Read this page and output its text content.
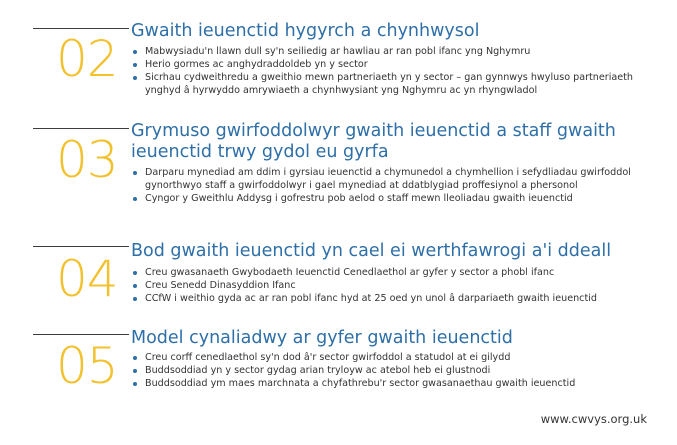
02 Gwaith ieuenctid hygyrch a chynhwysol
Mabwysiadu'n llawn dull sy'n seiliedig ar hawliau ar ran pobl ifanc yng Nghymru
Herio gormes ac anghydraddoldeb yn y sector
Sicrhau cydweithredu a gweithio mewn partneriaeth yn y sector – gan gynnwys hwyluso partneriaeth ynghyd â hyrwyddo amrywiaeth a chynhwysiant yng Nghymru ac yn rhyngwladol
03 Grymuso gwirfoddolwyr gwaith ieuenctid a staff gwaith ieuenctid trwy gydol eu gyrfa
Darparu mynediad am ddim i gyrsiau ieuenctid a chymunedol a chymhellion i sefydliadau gwirfoddol gynorthwyo staff a gwirfoddolwyr i gael mynediad at ddatblygiad proffesiynol a phersonol
Cyngor y Gweithlu Addysg i gofrestru pob aelod o staff mewn lleoliadau gwaith ieuenctid
04 Bod gwaith ieuenctid yn cael ei werthfawrogi a'i ddeall
Creu gwasanaeth Gwybodaeth Ieuenctid Cenedlaethol ar gyfer y sector a phobl ifanc
Creu Senedd Dinasyddion Ifanc
CCfW i weithio gyda ac ar ran pobl ifanc hyd at 25 oed yn unol â darpariaeth gwaith ieuenctid
05 Model cynaliadwy ar gyfer gwaith ieuenctid
Creu corff cenedlaethol sy'n dod â'r sector gwirfoddol a statudol at ei gilydd
Buddsoddiad yn y sector gydag arian tryloyw ac atebol heb ei glustnodi
Buddsoddiad ym maes marchnata a chyfathrebu'r sector gwasanaethau gwaith ieuenctid
www.cwvys.org.uk
